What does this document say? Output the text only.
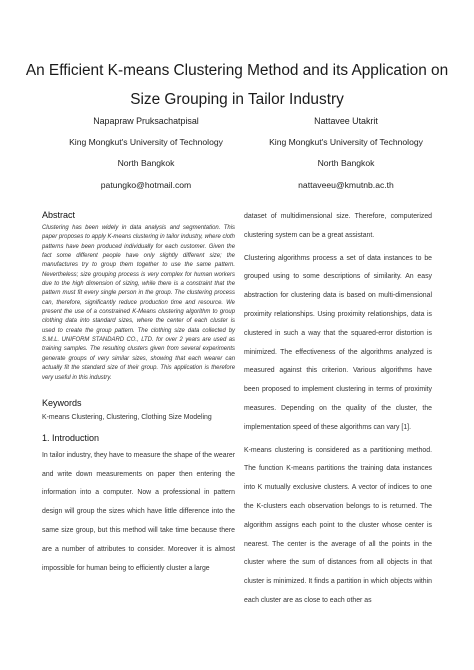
An Efficient K-means Clustering Method and its Application on Size Grouping in Tailor Industry
Napapraw Pruksachatpisal
King Mongkut's University of Technology
North Bangkok
patungko@hotmail.com
Nattavee Utakrit
King Mongkut's University of Technology
North Bangkok
nattaveeu@kmutnb.ac.th
Abstract

Clustering has been widely in data analysis and segmentation. This paper proposes to apply K-means clustering in tailor industry, where cloth patterns have been produced individually for each customer. Given the fact some different people have only slightly different size; the manufactures try to group them together to use the same pattern. Nevertheless; size grouping process is very complex for human workers due to the high dimension of sizing, while there is a constraint that the pattern must fit every single person in the group. The clustering process can, therefore, significantly reduce production time and resource. We present the use of a constrained K-Means clustering algorithm to group clothing data into standard sizes, where the center of each cluster is used to create the group pattern. The clothing size data collected by S.M.L. UNIFORM STANDARD CO., LTD. for over 2 years are used as training samples. The resulting clusters given from several experiments generate groups of very similar sizes, showing that each wearer can actually fit the standard size of their group. This application is therefore very useful in this industry.

Keywords

K-means Clustering, Clustering, Clothing Size Modeling

1. Introduction

In tailor industry, they have to measure the shape of the wearer and write down measurements on paper then entering the information into a computer. Now a professional in pattern design will group the sizes which have little difference into the same size group, but this method will take time because there are a number of attributes to consider. Moreover it is almost impossible for human being to efficiently cluster a large

dataset of multidimensional size. Therefore, computerized clustering system can be a great assistant.

Clustering algorithms process a set of data instances to be grouped using to some descriptions of similarity. An easy abstraction for clustering data is based on multi-dimensional proximity relationships. Using proximity relationships, data is clustered in such a way that the squared-error distortion is minimized. The effectiveness of the algorithms analyzed is measured against this criterion. Various algorithms have been proposed to implement clustering in terms of proximity measures. Depending on the quality of the cluster, the implementation speed of these algorithms can vary [1].

K-means clustering is considered as a partitioning method. The function K-means partitions the training data instances into K mutually exclusive clusters. A vector of indices to one the K-clusters each observation belongs to is returned. The algorithm assigns each point to the cluster whose center is nearest. The center is the average of all the points in the cluster where the sum of distances from all objects in that cluster is minimized. It finds a partition in which objects within each cluster are as close to each other as
